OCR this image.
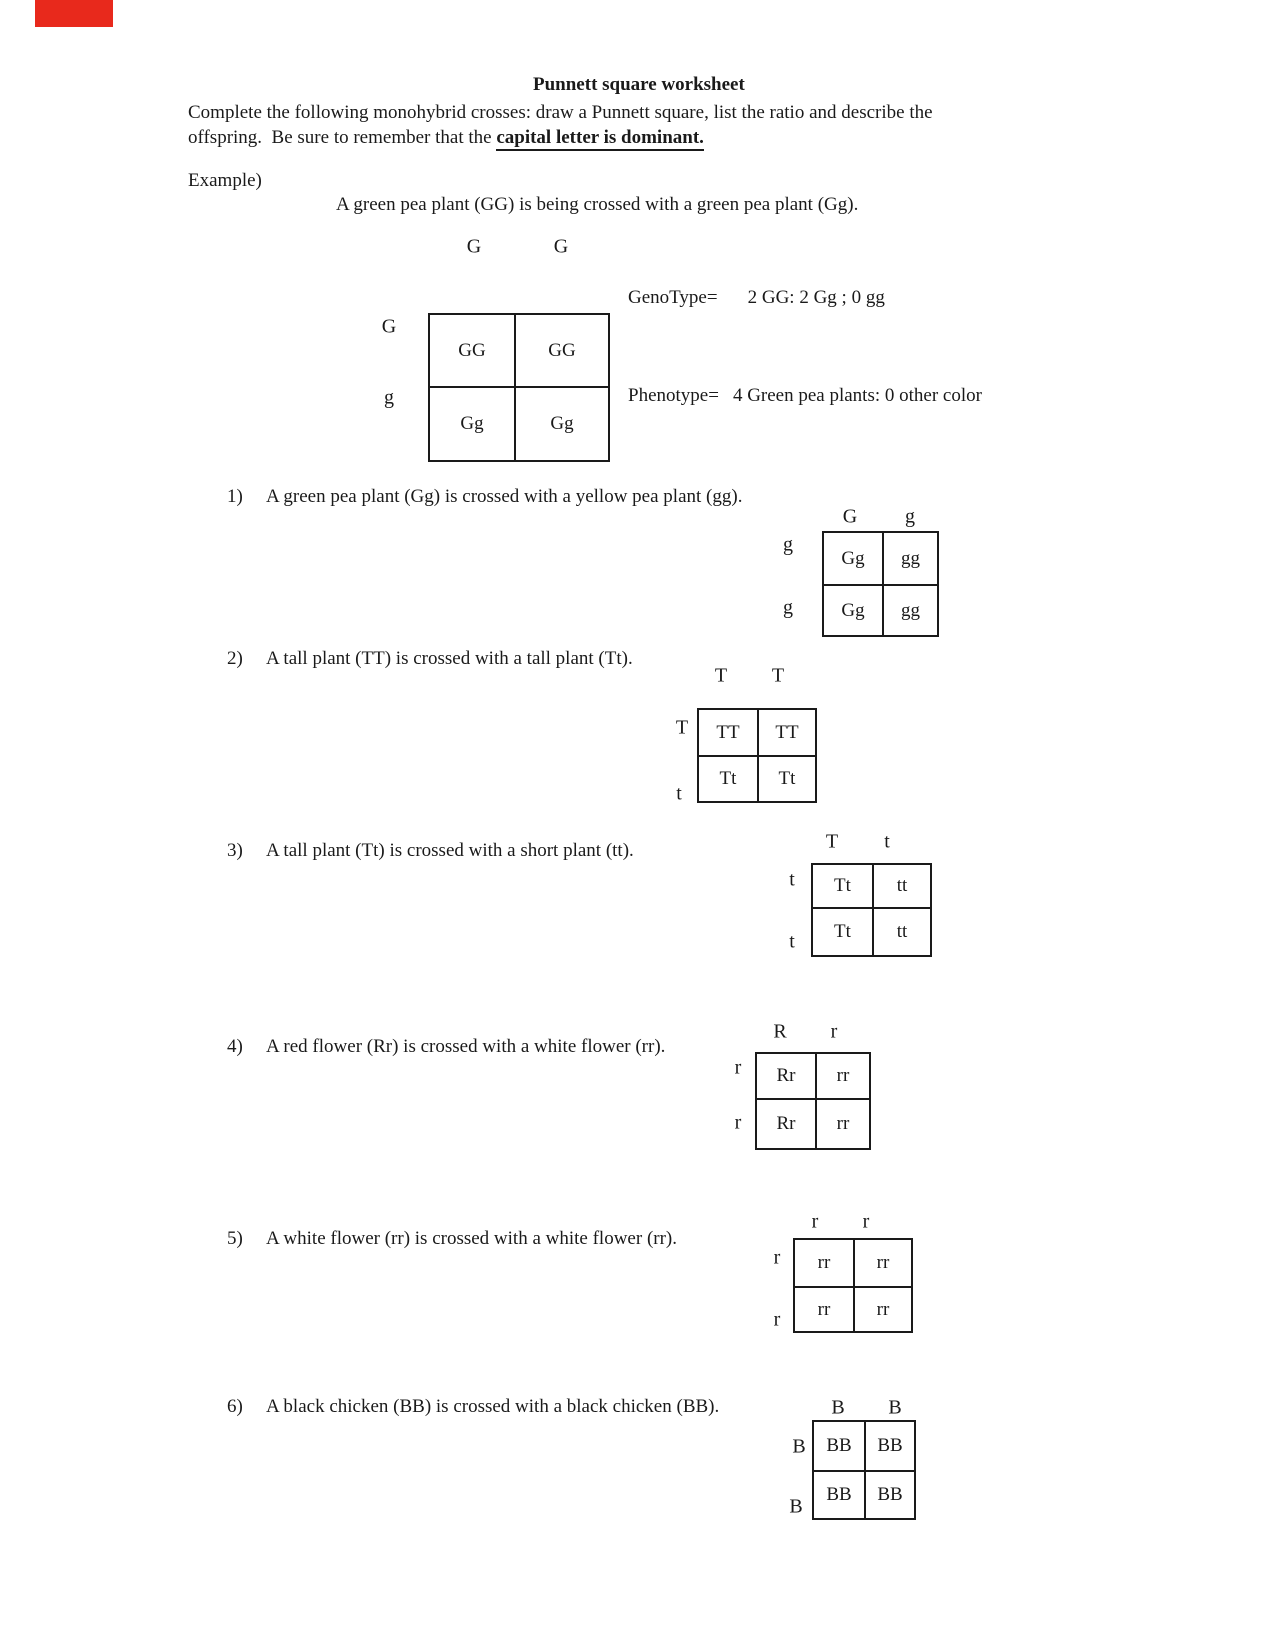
Punnett square worksheet
Complete the following monohybrid crosses: draw a Punnett square, list the ratio and describe the
offspring.  Be sure to remember that the capital letter is dominant.
Example)
A green pea plant (GG) is being crossed with a green pea plant (Gg).
GenoType= 2 GG: 2 Gg ; 0 gg
Phenotype= 4 Green pea plants: 0 other color
G	G
G
g
GG	GG
Gg	Gg
1) A green pea plant (Gg) is crossed with a yellow pea plant (gg).
G g
g
g
Gg	gg
Gg	gg
2) A tall plant (TT) is crossed with a tall plant (Tt).
T T
T
t
TT	TT
Tt	Tt
3) A tall plant (Tt) is crossed with a short plant (tt).	T t
t
t
Tt	tt
Tt	tt
4) A red flower (Rr) is crossed with a white flower (rr).
R r
r
r
Rr	rr
Rr	rr
5) A white flower (rr) is crossed with a white flower (rr).
r r
r
r
rr	rr
rr	rr
6) A black chicken (BB) is crossed with a black chicken (BB).	B B
B
B
BB	BB
BB	BB
